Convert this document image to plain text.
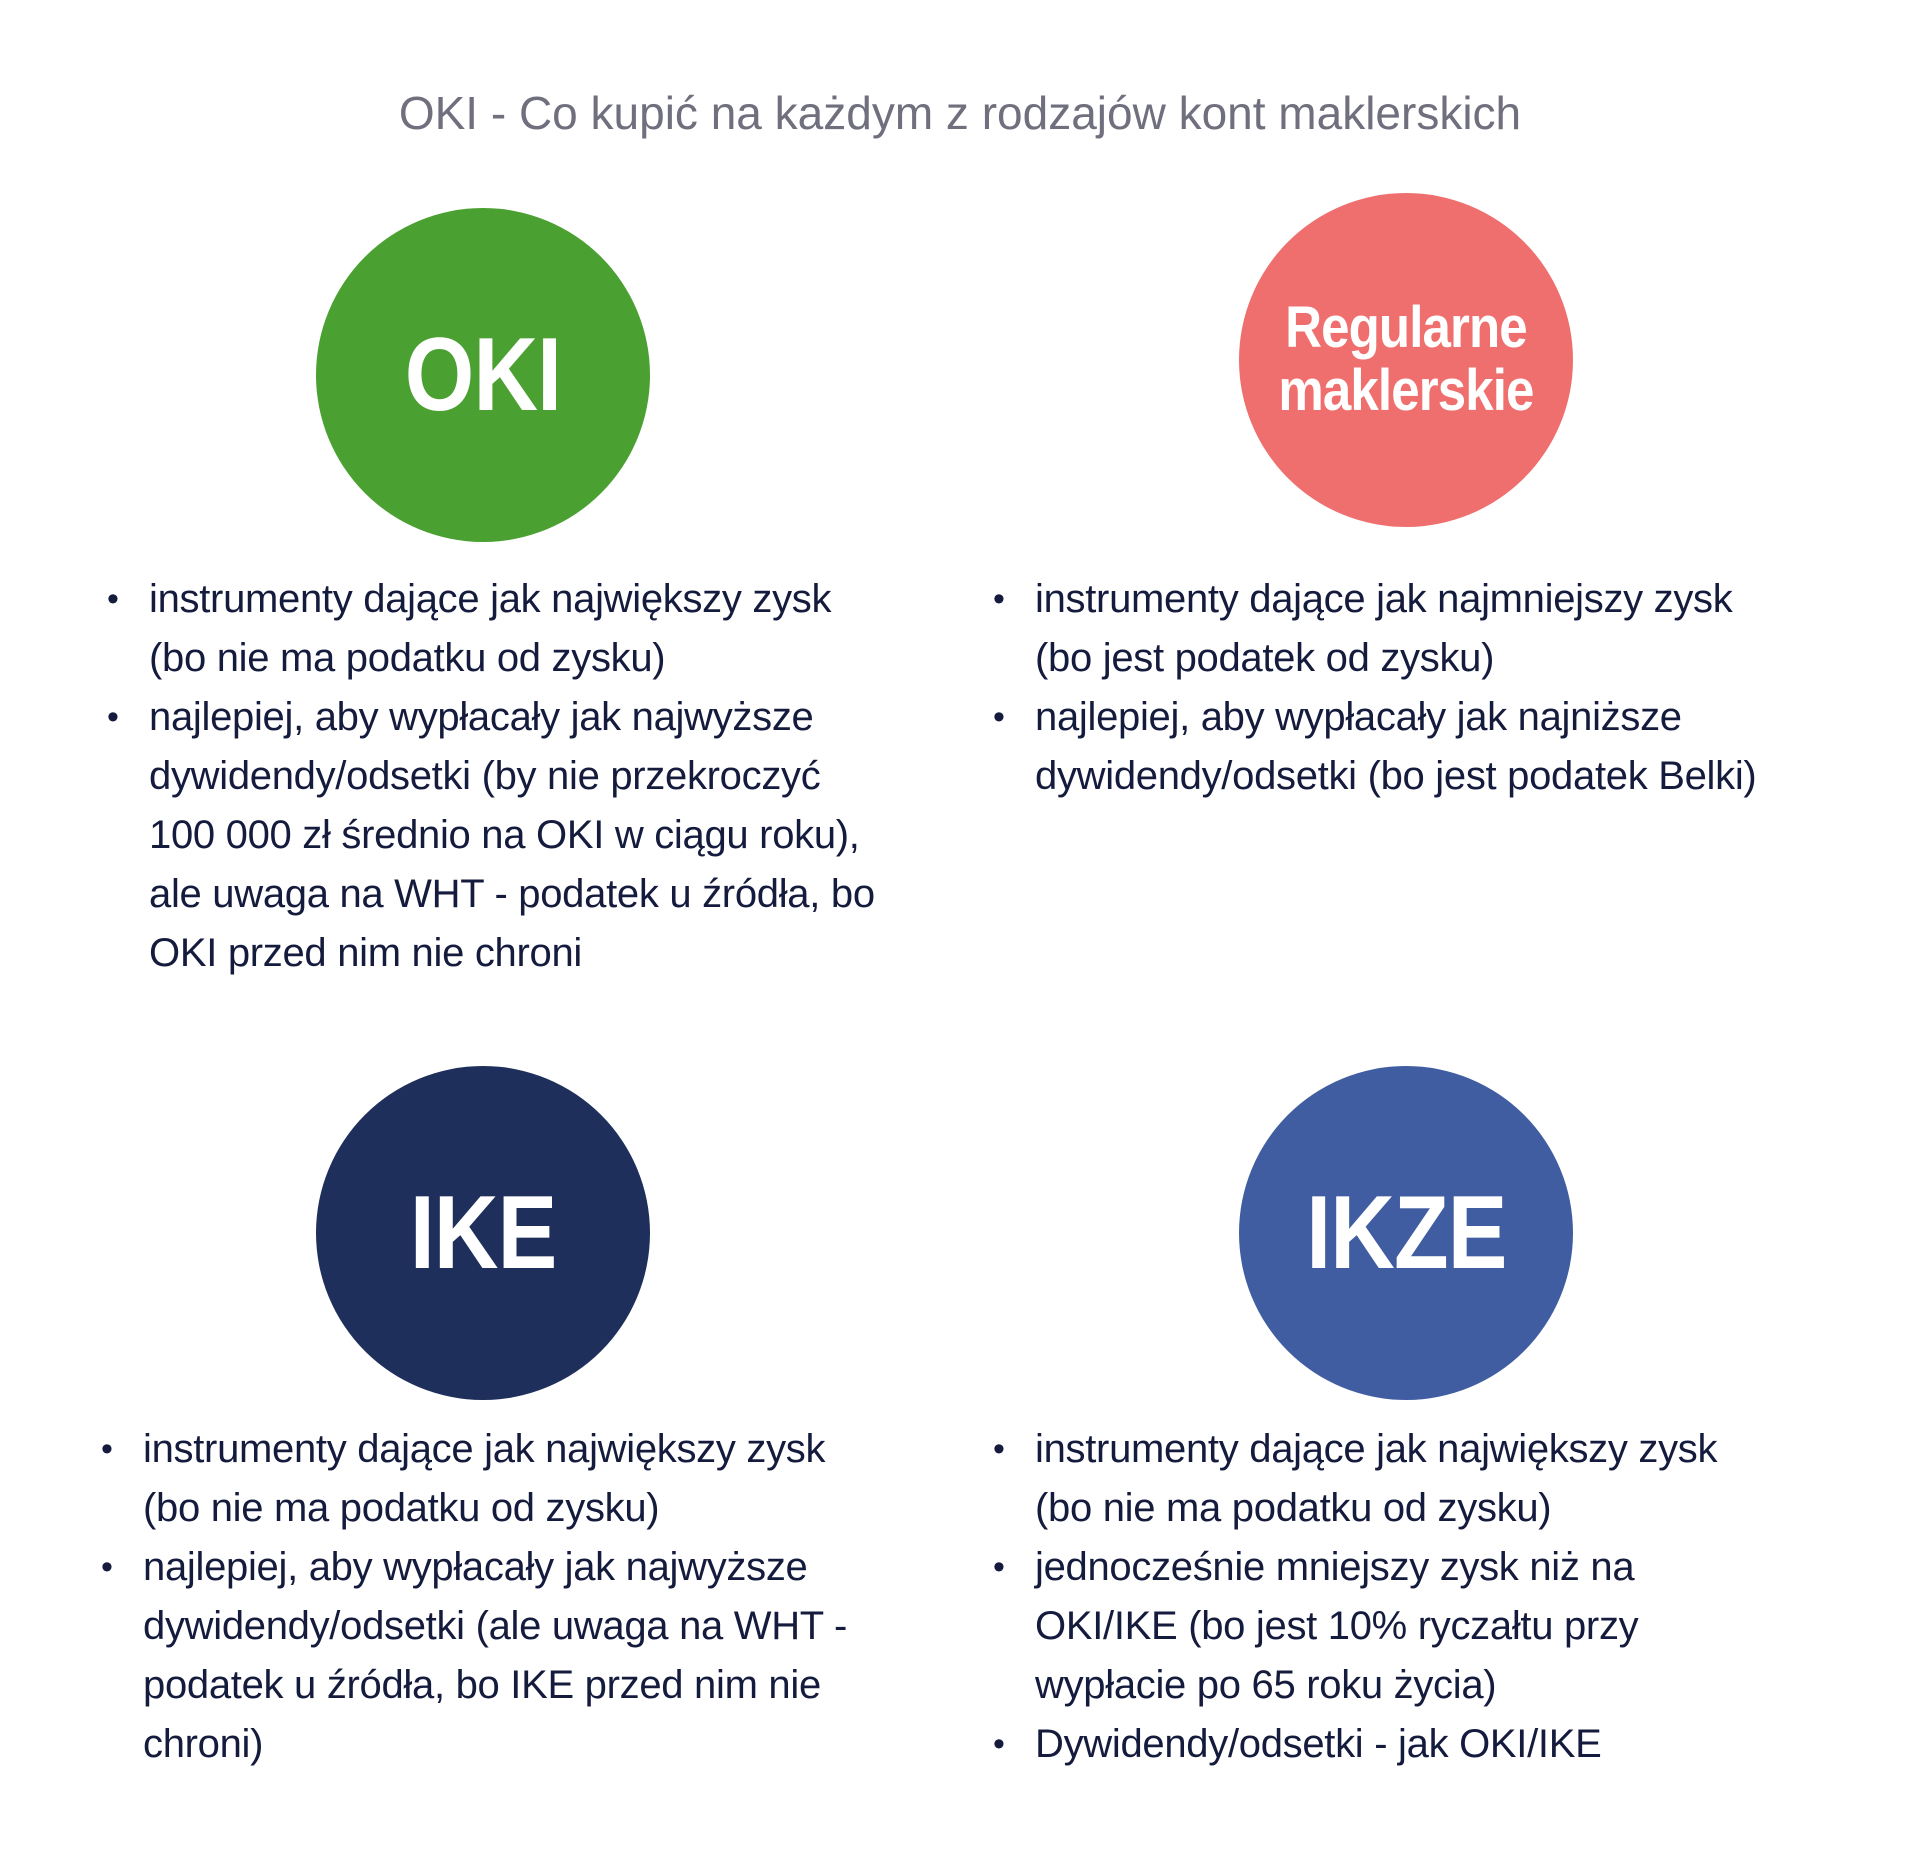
OKI - Co kupić na każdym z rodzajów kont maklerskich
OKI
• instrumenty dające jak największy zysk (bo nie ma podatku od zysku)
• najlepiej, aby wypłacały jak najwyższe dywidendy/odsetki (by nie przekroczyć 100 000 zł średnio na OKI w ciągu roku), ale uwaga na WHT - podatek u źródła, bo OKI przed nim nie chroni
Regularne
maklerskie
• instrumenty dające jak najmniejszy zysk (bo jest podatek od zysku)
• najlepiej, aby wypłacały jak najniższe dywidendy/odsetki (bo jest podatek Belki)
IKE
• instrumenty dające jak największy zysk (bo nie ma podatku od zysku)
• najlepiej, aby wypłacały jak najwyższe dywidendy/odsetki (ale uwaga na WHT - podatek u źródła, bo IKE przed nim nie chroni)
IKZE
• instrumenty dające jak największy zysk (bo nie ma podatku od zysku)
• jednocześnie mniejszy zysk niż na OKI/IKE (bo jest 10% ryczałtu przy wypłacie po 65 roku życia)
• Dywidendy/odsetki - jak OKI/IKE
